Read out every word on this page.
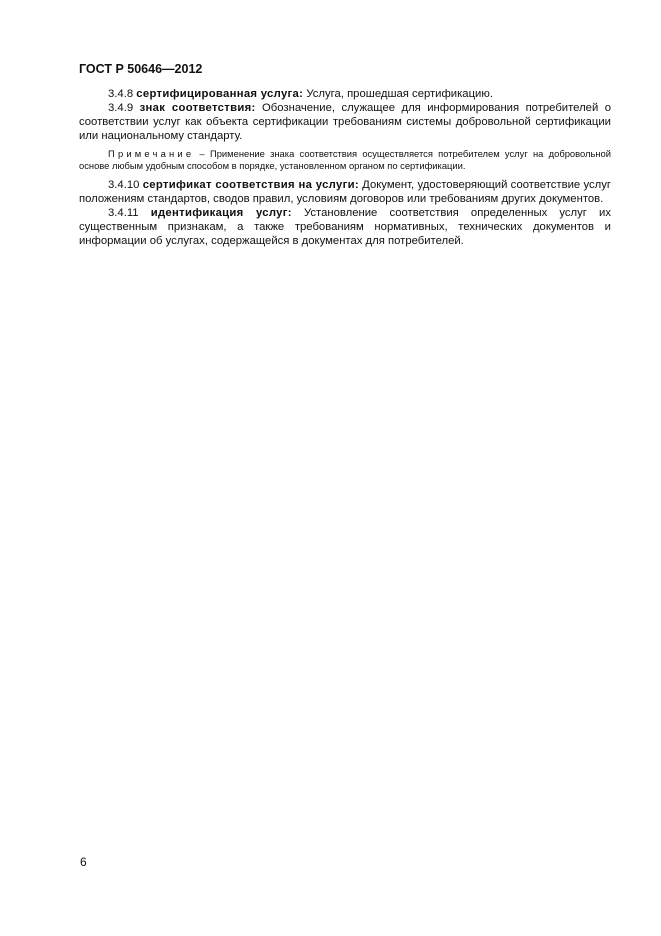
ГОСТ Р 50646—2012

3.4.8 сертифицированная услуга: Услуга, прошедшая сертификацию.

3.4.9 знак соответствия: Обозначение, служащее для информирования потребителей о соответствии услуг как объекта сертификации требованиям системы добровольной сертификации или национальному стандарту.

Примечание – Применение знака соответствия осуществляется потребителем услуг на добровольной основе любым удобным способом в порядке, установленном органом по сертификации.

3.4.10 сертификат соответствия на услуги: Документ, удостоверяющий соответствие услуг положениям стандартов, сводов правил, условиям договоров или требованиям других документов.

3.4.11 идентификация услуг: Установление соответствия определенных услуг их существенным признакам, а также требованиям нормативных, технических документов и информации об услугах, содержащейся в документах для потребителей.

6
